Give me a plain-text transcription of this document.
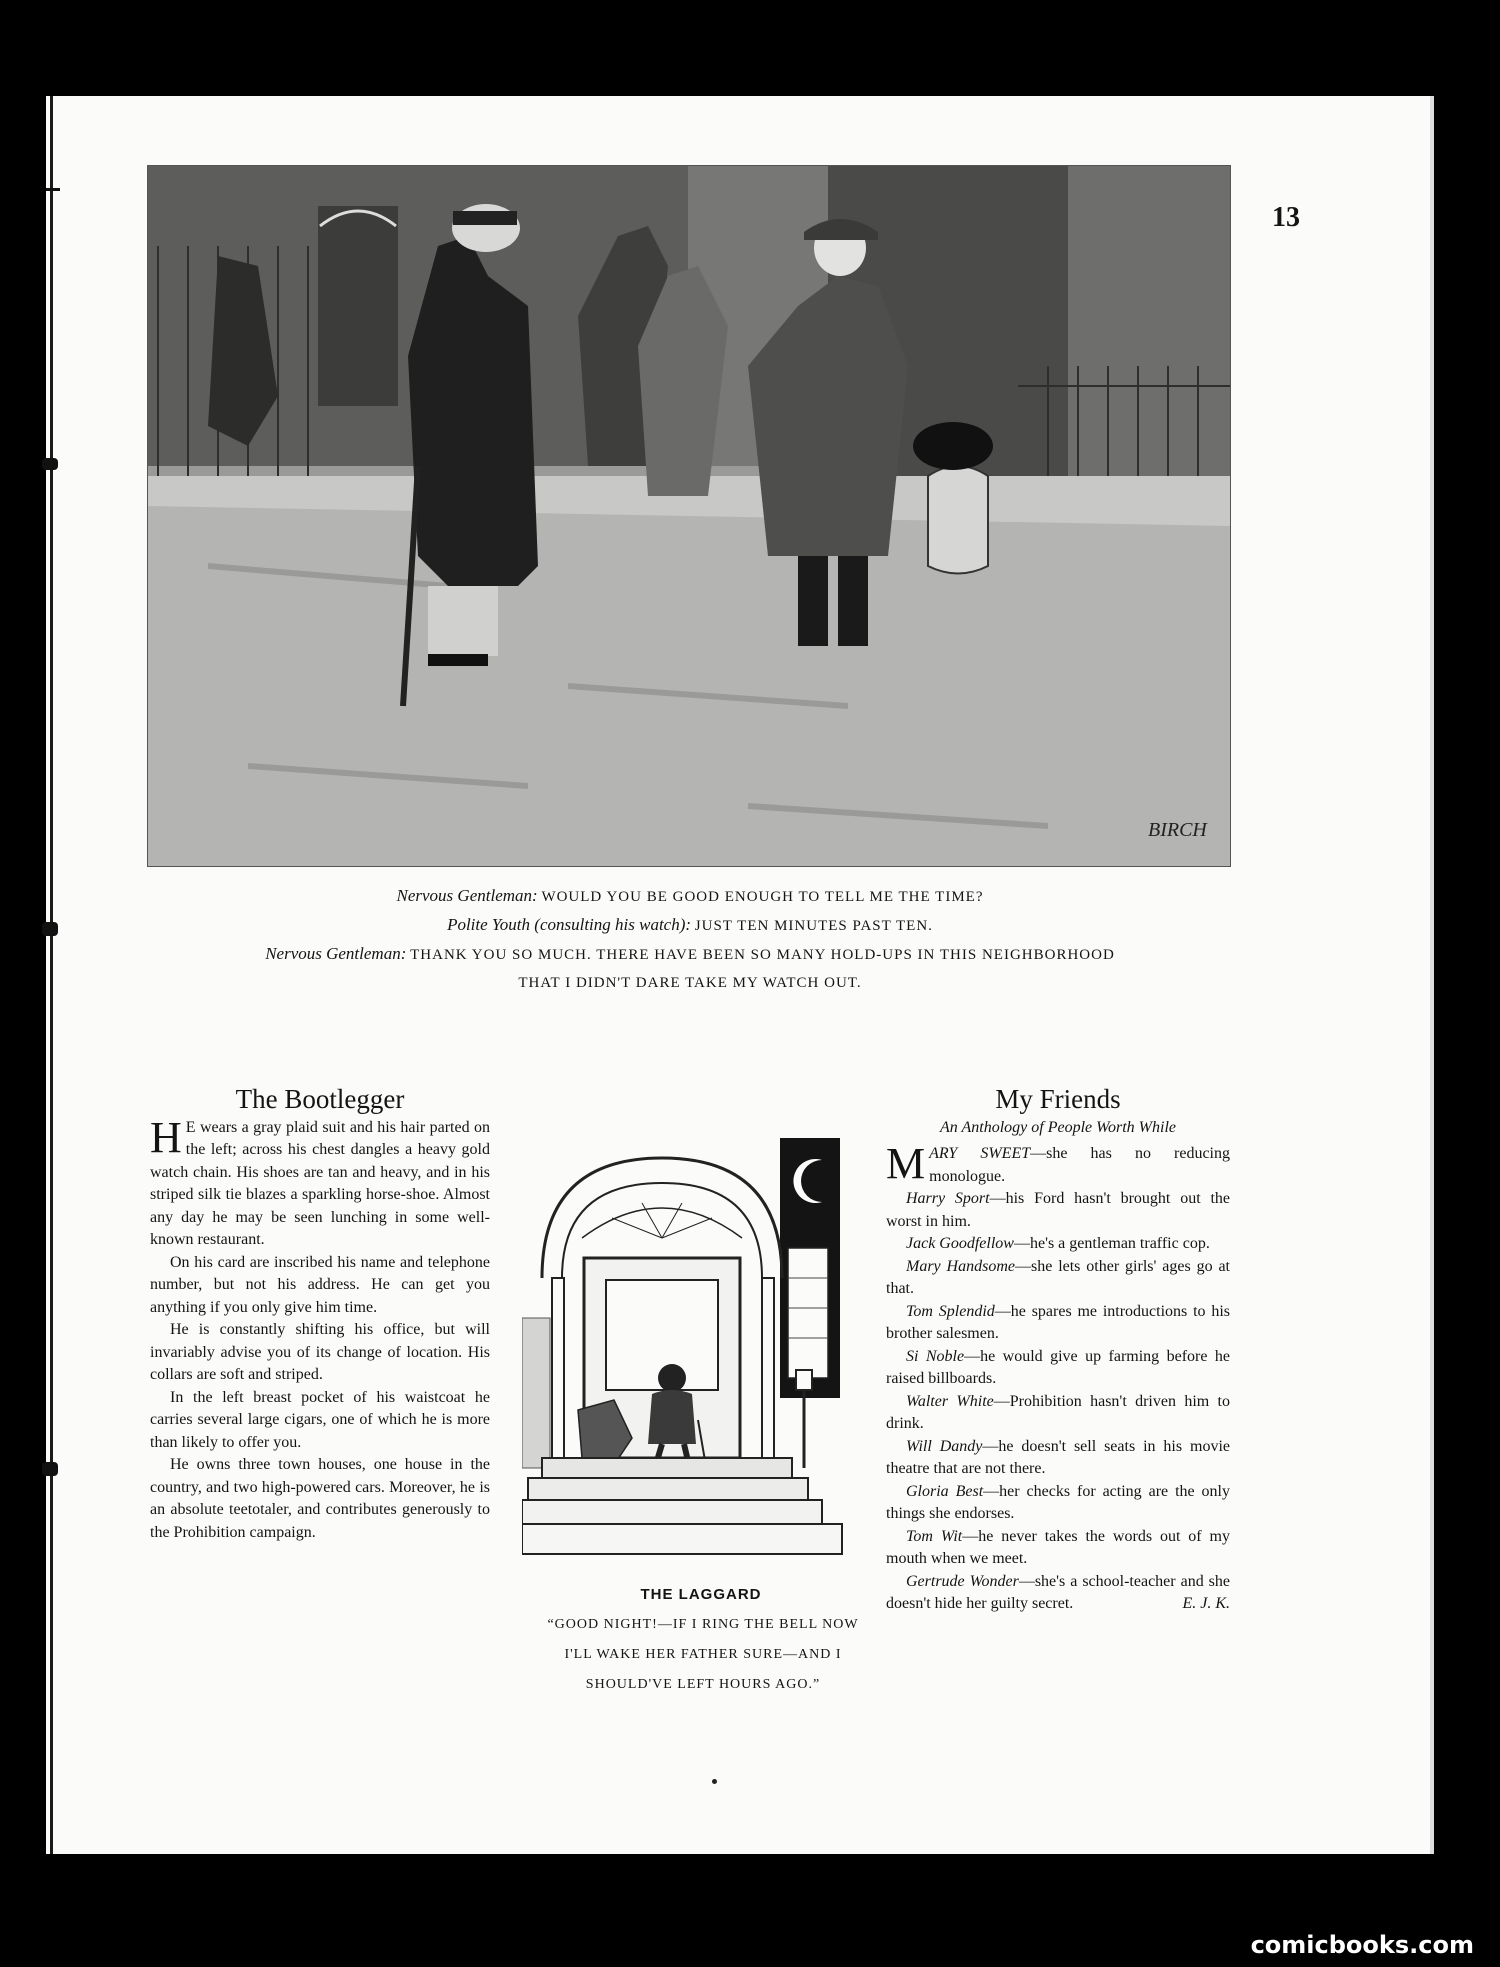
13
BIRCH
Nervous Gentleman: WOULD YOU BE GOOD ENOUGH TO TELL ME THE TIME?
Polite Youth (consulting his watch): JUST TEN MINUTES PAST TEN.
Nervous Gentleman: THANK YOU SO MUCH. THERE HAVE BEEN SO MANY HOLD-UPS IN THIS NEIGHBORHOOD
THAT I DIDN'T DARE TAKE MY WATCH OUT.
The Bootlegger

H E wears a gray plaid suit and his hair parted on the left; across his chest dangles a heavy gold watch chain. His shoes are tan and heavy, and in his striped silk tie blazes a sparkling horse-shoe. Almost any day he may be seen lunching in some well-known restaurant.

On his card are inscribed his name and telephone number, but not his address. He can get you anything if you only give him time.

He is constantly shifting his office, but will invariably advise you of its change of location. His collars are soft and striped.

In the left breast pocket of his waistcoat he carries several large cigars, one of which he is more than likely to offer you.

He owns three town houses, one house in the country, and two high-powered cars. Moreover, he is an absolute teetotaler, and contributes generously to the Prohibition campaign.

THE LAGGARD
“GOOD NIGHT!—IF I RING THE BELL NOW I'LL WAKE HER FATHER SURE—AND I SHOULD'VE LEFT HOURS AGO.”
My Friends

An Anthology of People Worth While

MARY SWEET—she has no reducing monologue.

Harry Sport—his Ford hasn't brought out the worst in him.

Jack Goodfellow—he's a gentleman traffic cop.

Mary Handsome—she lets other girls' ages go at that.

Tom Splendid—he spares me introductions to his brother salesmen.

Si Noble—he would give up farming before he raised billboards.

Walter White—Prohibition hasn't driven him to drink.

Will Dandy—he doesn't sell seats in his movie theatre that are not there.

Gloria Best—her checks for acting are the only things she endorses.

Tom Wit—he never takes the words out of my mouth when we meet.

Gertrude Wonder—she's a school-teacher and she doesn't hide her guilty secret.	E. J. K.

comicbooks.com
